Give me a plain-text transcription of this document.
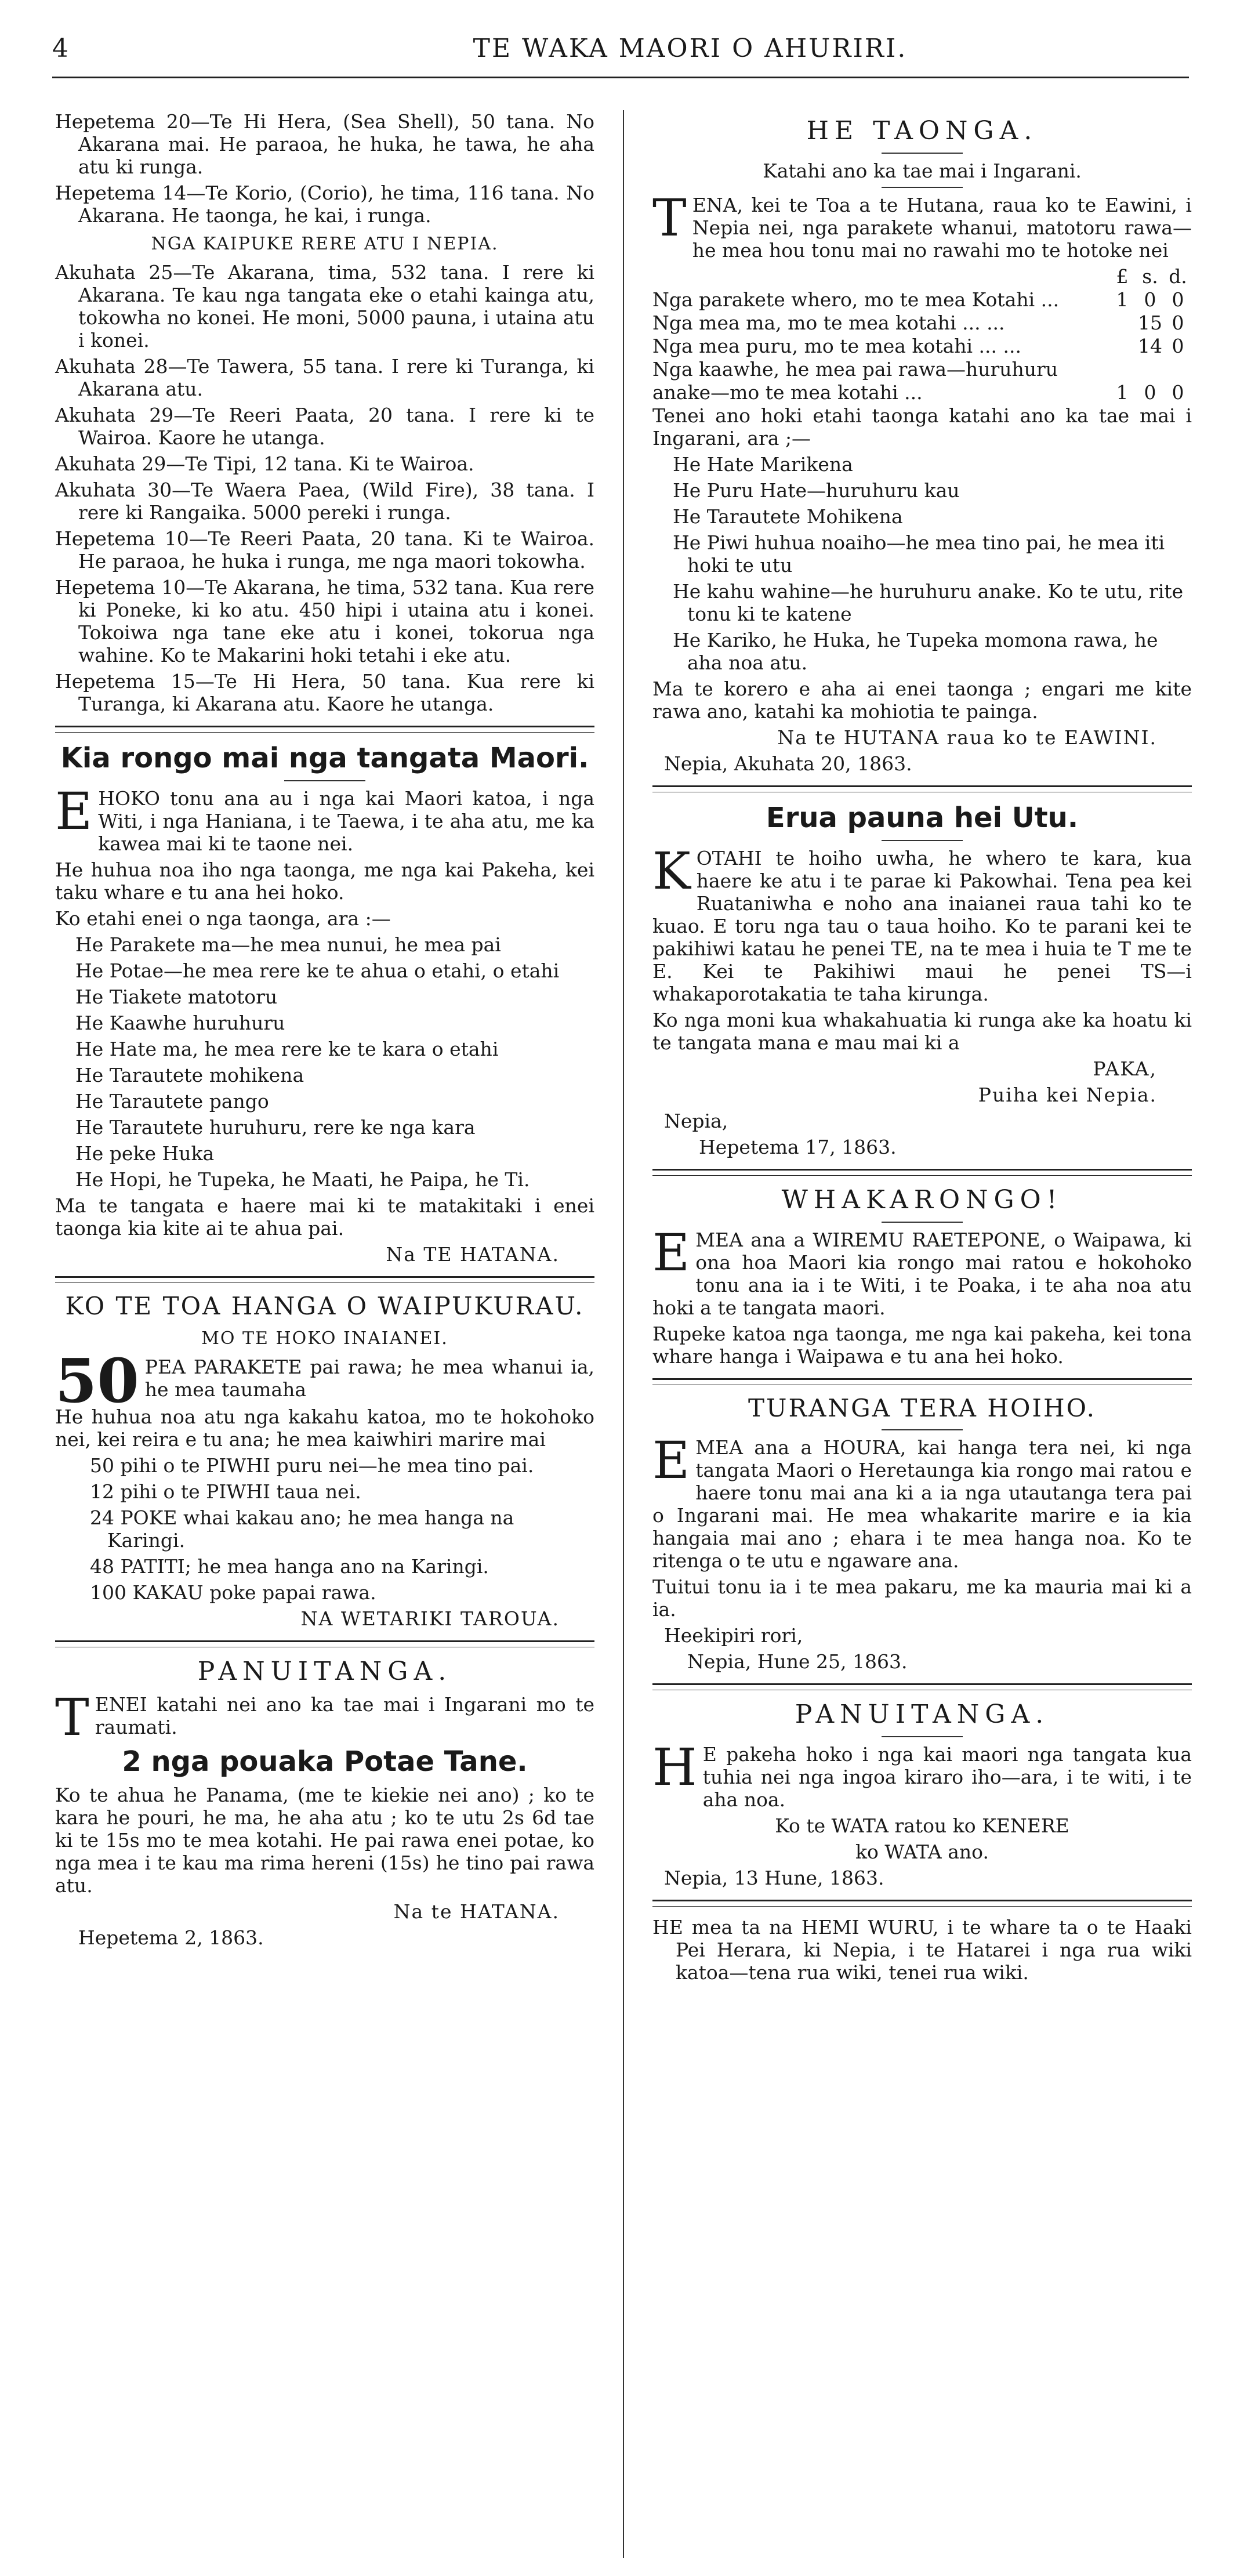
4	TE WAKA MAORI O AHURIRI.

Hepetema 20—Te Hi Hera, (Sea Shell), 50 tana. No Akarana mai. He paraoa, he huka, he tawa, he aha atu ki runga.

Hepetema 14—Te Korio, (Corio), he tima, 116 tana. No Akarana. He taonga, he kai, i runga.

NGA KAIPUKE RERE ATU I NEPIA.

Akuhata 25—Te Akarana, tima, 532 tana. I rere ki Akarana. Te kau nga tangata eke o etahi kainga atu, tokowha no konei. He moni, 5000 pauna, i utaina atu i konei.

Akuhata 28—Te Tawera, 55 tana. I rere ki Turanga, ki Akarana atu.

Akuhata 29—Te Reeri Paata, 20 tana. I rere ki te Wairoa. Kaore he utanga.

Akuhata 29—Te Tipi, 12 tana. Ki te Wairoa.

Akuhata 30—Te Waera Paea, (Wild Fire), 38 tana. I rere ki Rangaika. 5000 pereki i runga.

Hepetema 10—Te Reeri Paata, 20 tana. Ki te Wairoa. He paraoa, he huka i runga, me nga maori tokowha.

Hepetema 10—Te Akarana, he tima, 532 tana. Kua rere ki Poneke, ki ko atu. 450 hipi i utaina atu i konei. Tokoiwa nga tane eke atu i konei, tokorua nga wahine. Ko te Makarini hoki tetahi i eke atu.

Hepetema 15—Te Hi Hera, 50 tana. Kua rere ki Turanga, ki Akarana atu. Kaore he utanga.

Kia rongo mai nga tangata Maori.

EHOKO tonu ana au i nga kai Maori katoa, i nga Witi, i nga Haniana, i te Taewa, i te aha atu, me ka kawea mai ki te taone nei.

He huhua noa iho nga taonga, me nga kai Pakeha, kei taku whare e tu ana hei hoko.

Ko etahi enei o nga taonga, ara :—

He Parakete ma—he mea nunui, he mea pai

He Potae—he mea rere ke te ahua o etahi, o etahi

He Tiakete matotoru

He Kaawhe huruhuru

He Hate ma, he mea rere ke te kara o etahi

He Tarautete mohikena

He Tarautete pango

He Tarautete huruhuru, rere ke nga kara

He peke Huka

He Hopi, he Tupeka, he Maati, he Paipa, he Ti.

Ma te tangata e haere mai ki te matakitaki i enei taonga kia kite ai te ahua pai.

Na TE HATANA.

KO TE TOA HANGA O WAIPUKURAU.

MO TE HOKO INAIANEI.

50 PEA PARAKETE pai rawa; he mea whanui ia, he mea taumaha

He huhua noa atu nga kakahu katoa, mo te hokohoko nei, kei reira e tu ana; he mea kaiwhiri marire mai

50 pihi o te PIWHI puru nei—he mea tino pai.

12 pihi o te PIWHI taua nei.

24 POKE whai kakau ano; he mea hanga na Karingi.

48 PATITI; he mea hanga ano na Karingi.

100 KAKAU poke papai rawa.

NA WETARIKI TAROUA.

PANUITANGA.

TENEI katahi nei ano ka tae mai i Ingarani mo te raumati.

2 nga pouaka Potae Tane.

Ko te ahua he Panama, (me te kiekie nei ano) ; ko te kara he pouri, he ma, he aha atu ; ko te utu 2s 6d tae ki te 15s mo te mea kotahi. He pai rawa enei potae, ko nga mea i te kau ma rima hereni (15s) he tino pai rawa atu.

Na te HATANA.

Hepetema 2, 1863.

HE TAONGA.

Katahi ano ka tae mai i Ingarani.

TENA, kei te Toa a te Hutana, raua ko te Eawini, i Nepia nei, nga parakete whanui, matotoru rawa—he mea hou tonu mai no rawahi mo te hotoke nei

	£	s.	d.
Nga parakete whero, mo te mea Kotahi ...	1	0	0
Nga mea ma, mo te mea kotahi ... ...		15	0
Nga mea puru, mo te mea kotahi ... ...		14	0
Nga kaawhe, he mea pai rawa—huruhuru anake—mo te mea kotahi ...	1	0	0

Tenei ano hoki etahi taonga katahi ano ka tae mai i Ingarani, ara ;—

He Hate Marikena

He Puru Hate—huruhuru kau

He Tarautete Mohikena

He Piwi huhua noaiho—he mea tino pai, he mea iti hoki te utu

He kahu wahine—he huruhuru anake. Ko te utu, rite tonu ki te katene

He Kariko, he Huka, he Tupeka momona rawa, he aha noa atu.

Ma te korero e aha ai enei taonga ; engari me kite rawa ano, katahi ka mohiotia te painga.

Na te HUTANA raua ko te EAWINI.

Nepia, Akuhata 20, 1863.

Erua pauna hei Utu.

KOTAHI te hoiho uwha, he whero te kara, kua haere ke atu i te parae ki Pakowhai. Tena pea kei Ruataniwha e noho ana inaianei raua tahi ko te kuao. E toru nga tau o taua hoiho. Ko te parani kei te pakihiwi katau he penei TE, na te mea i huia te T me te E. Kei te Pakihiwi maui he penei TS—i whakaporotakatia te taha kirunga.

Ko nga moni kua whakahuatia ki runga ake ka hoatu ki te tangata mana e mau mai ki a

PAKA,

Puiha kei Nepia.

Nepia,

Hepetema 17, 1863.

WHAKARONGO!

EMEA ana a WIREMU RAETEPONE, o Waipawa, ki ona hoa Maori kia rongo mai ratou e hokohoko tonu ana ia i te Witi, i te Poaka, i te aha noa atu hoki a te tangata maori.

Rupeke katoa nga taonga, me nga kai pakeha, kei tona whare hanga i Waipawa e tu ana hei hoko.

TURANGA TERA HOIHO.

EMEA ana a HOURA, kai hanga tera nei, ki nga tangata Maori o Heretaunga kia rongo mai ratou e haere tonu mai ana ki a ia nga utautanga tera pai o Ingarani mai. He mea whakarite marire e ia kia hangaia mai ano ; ehara i te mea hanga noa. Ko te ritenga o te utu e ngaware ana.

Tuitui tonu ia i te mea pakaru, me ka mauria mai ki a ia.

Heekipiri rori,

Nepia, Hune 25, 1863.

PANUITANGA.

H E pakeha hoko i nga kai maori nga tangata kua tuhia nei nga ingoa kiraro iho—ara, i te witi, i te aha noa.

Ko te WATA ratou ko KENERE

ko WATA ano.

Nepia, 13 Hune, 1863.

HE mea ta na HEMI WURU, i te whare ta o te Haaki Pei Herara, ki Nepia, i te Hatarei i nga rua wiki katoa—tena rua wiki, tenei rua wiki.
